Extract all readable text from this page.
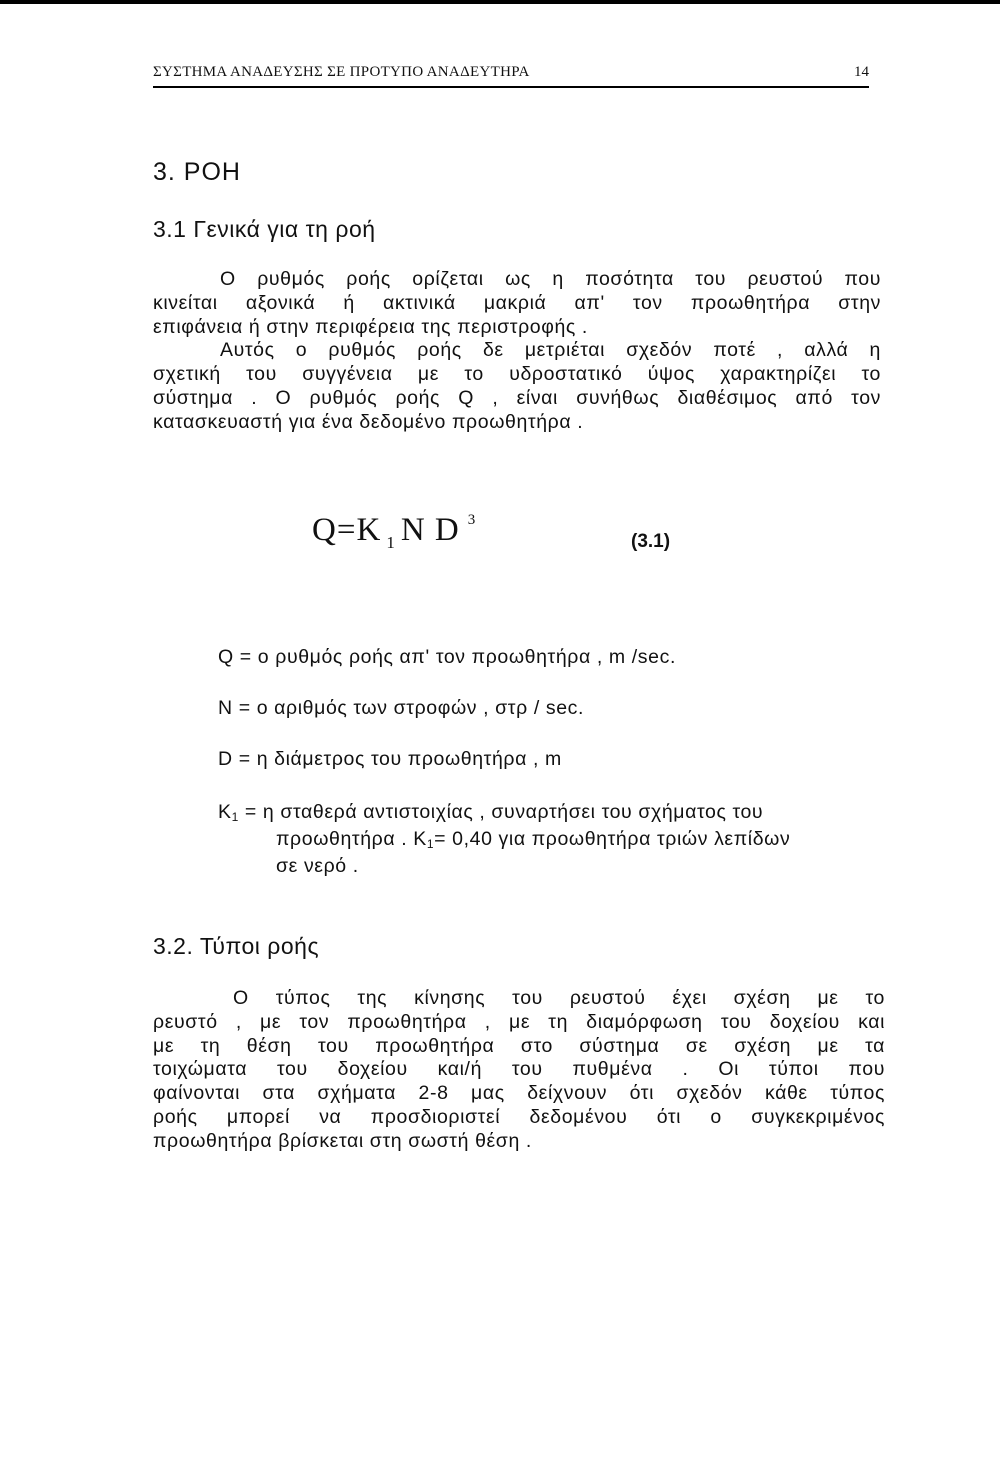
ΣΥΣΤΗΜΑ ΑΝΑΔΕΥΣΗΣ ΣΕ ΠΡΟΤΥΠΟ ΑΝΑΔΕΥΤΗΡΑ	14
3. ΡΟΗ
3.1 Γενικά για τη ροή
Ο ρυθμός ροής ορίζεται ως η ποσότητα του ρευστού που
κινείται αξονικά ή ακτινικά μακριά απ' τον προωθητήρα στην
επιφάνεια ή στην περιφέρεια της περιστροφής .
Αυτός ο ρυθμός ροής δε μετριέται σχεδόν ποτέ , αλλά η
σχετική του συγγένεια με το υδροστατικό ύψος χαρακτηρίζει το
σύστημα . Ο ρυθμός ροής Q , είναι συνήθως διαθέσιμος από τον
κατασκευαστή για ένα δεδομένο προωθητήρα .
Q=K $_1$ N D $^3$
(3.1)
Q = ο ρυθμός ροής απ' τον προωθητήρα , m /sec.
N = ο αριθμός των στροφών , στρ / sec.
D = η διάμετρος του προωθητήρα , m
K1 = η σταθερά αντιστοιχίας , συναρτήσει του σχήματος του
προωθητήρα . K1= 0,40 για προωθητήρα τριών λεπίδων
σε νερό .
3.2. Τύποι ροής
Ο τύπος της κίνησης του ρευστού έχει σχέση με το
ρευστό , με τον προωθητήρα , με τη διαμόρφωση του δοχείου και
με τη θέση του προωθητήρα στο σύστημα σε σχέση με τα
τοιχώματα του δοχείου και/ή του πυθμένα . Οι τύποι που
φαίνονται στα σχήματα 2-8 μας δείχνουν ότι σχεδόν κάθε τύπος
ροής μπορεί να προσδιοριστεί δεδομένου ότι ο συγκεκριμένος
προωθητήρα βρίσκεται στη σωστή θέση .
